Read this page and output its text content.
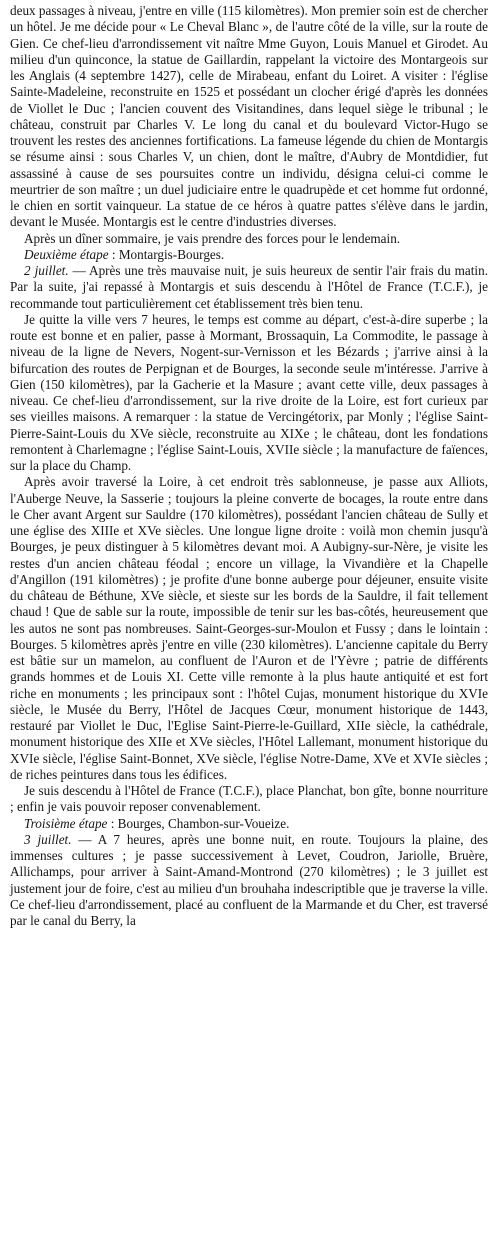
deux passages à niveau, j'entre en ville (115 kilomètres). Mon premier soin est de chercher un hôtel. Je me décide pour « Le Cheval Blanc », de l'autre côté de la ville, sur la route de Gien. Ce chef-lieu d'arrondissement vit naître Mme Guyon, Louis Manuel et Girodet. Au milieu d'un quinconce, la statue de Gaillardin, rappelant la victoire des Montargeois sur les Anglais (4 septembre 1427), celle de Mirabeau, enfant du Loiret. A visiter : l'église Sainte-Madeleine, reconstruite en 1525 et possédant un clocher érigé d'après les données de Viollet le Duc ; l'ancien couvent des Visitandines, dans lequel siège le tribunal ; le château, construit par Charles V. Le long du canal et du boulevard Victor-Hugo se trouvent les restes des anciennes fortifications. La fameuse légende du chien de Montargis se résume ainsi : sous Charles V, un chien, dont le maître, d'Aubry de Montdidier, fut assassiné à cause de ses poursuites contre un individu, désigna celui-ci comme le meurtrier de son maître ; un duel judiciaire entre le quadrupède et cet homme fut ordonné, le chien en sortit vainqueur. La statue de ce héros à quatre pattes s'élève dans le jardin, devant le Musée. Montargis est le centre d'industries diverses.

Après un dîner sommaire, je vais prendre des forces pour le lendemain.

Deuxième étape : Montargis-Bourges.

2 juillet. — Après une très mauvaise nuit, je suis heureux de sentir l'air frais du matin. Par la suite, j'ai repassé à Montargis et suis descendu à l'Hôtel de France (T.C.F.), je recommande tout particulièrement cet établissement très bien tenu.

Je quitte la ville vers 7 heures, le temps est comme au départ, c'est-à-dire superbe ; la route est bonne et en palier, passe à Mormant, Brossaquin, La Commodite, le passage à niveau de la ligne de Nevers, Nogent-sur-Vernisson et les Bézards ; j'arrive ainsi à la bifurcation des routes de Perpignan et de Bourges, la seconde seule m'intéresse. J'arrive à Gien (150 kilomètres), par la Gacherie et la Masure ; avant cette ville, deux passages à niveau. Ce chef-lieu d'arrondissement, sur la rive droite de la Loire, est fort curieux par ses vieilles maisons. A remarquer : la statue de Vercingétorix, par Monly ; l'église Saint-Pierre-Saint-Louis du XVe siècle, reconstruite au XIXe ; le château, dont les fondations remontent à Charlemagne ; l'église Saint-Louis, XVIIe siècle ; la manufacture de faïences, sur la place du Champ.

Après avoir traversé la Loire, à cet endroit très sablonneuse, je passe aux Alliots, l'Auberge Neuve, la Sasserie ; toujours la pleine converte de bocages, la route entre dans le Cher avant Argent sur Sauldre (170 kilomètres), possédant l'ancien château de Sully et une église des XIIIe et XVe siècles. Une longue ligne droite : voilà mon chemin jusqu'à Bourges, je peux distinguer à 5 kilomètres devant moi. A Aubigny-sur-Nère, je visite les restes d'un ancien château féodal ; encore un village, la Vivandière et la Chapelle d'Angillon (191 kilomètres) ; je profite d'une bonne auberge pour déjeuner, ensuite visite du château de Béthune, XVe siècle, et sieste sur les bords de la Sauldre, il fait tellement chaud ! Que de sable sur la route, impossible de tenir sur les bas-côtés, heureusement que les autos ne sont pas nombreuses. Saint-Georges-sur-Moulon et Fussy ; dans le lointain : Bourges. 5 kilomètres après j'entre en ville (230 kilomètres). L'ancienne capitale du Berry est bâtie sur un mamelon, au confluent de l'Auron et de l'Yèvre ; patrie de différents grands hommes et de Louis XI. Cette ville remonte à la plus haute antiquité et est fort riche en monuments ; les principaux sont : l'hôtel Cujas, monument historique du XVIe siècle, le Musée du Berry, l'Hôtel de Jacques Cœur, monument historique de 1443, restauré par Viollet le Duc, l'Eglise Saint-Pierre-le-Guillard, XIIe siècle, la cathédrale, monument historique des XIIe et XVe siècles, l'Hôtel Lallemant, monument historique du XVIe siècle, l'église Saint-Bonnet, XVe siècle, l'église Notre-Dame, XVe et XVIe siècles ; de riches peintures dans tous les édifices.

Je suis descendu à l'Hôtel de France (T.C.F.), place Planchat, bon gîte, bonne nourriture ; enfin je vais pouvoir reposer convenablement.

Troisième étape : Bourges, Chambon-sur-Voueize.

3 juillet. — A 7 heures, après une bonne nuit, en route. Toujours la plaine, des immenses cultures ; je passe successivement à Levet, Coudron, Jariolle, Bruère, Allichamps, pour arriver à Saint-Amand-Montrond (270 kilomètres) ; le 3 juillet est justement jour de foire, c'est au milieu d'un brouhaha indescriptible que je traverse la ville. Ce chef-lieu d'arrondissement, placé au confluent de la Marmande et du Cher, est traversé par le canal du Berry, la
